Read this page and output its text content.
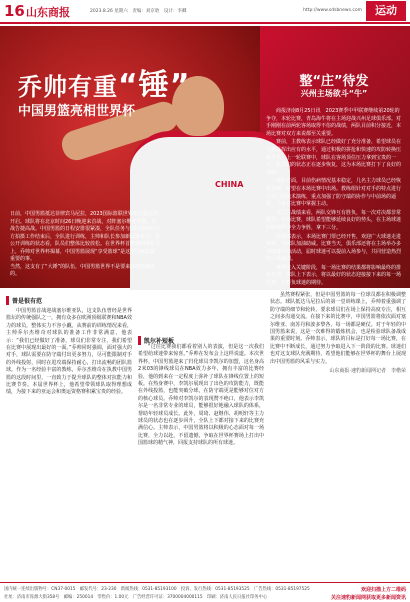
16 山东商报	2023.8.26 星期六　责编：刘京晗　设计：李卿	http://www.sdsbnews.com	运动
CHINA
乔帅有重“锤”
中国男篮亮相世界杯

日前，中国男篮抵达菲律宾马尼拉，2023国际篮联世界杯之旅正式开启。球队将在北京时间26日晚迎来首战，对阵塞尔维亚男篮，首战告捷高战。中国男篮的日程安排很紧凑，全队任务与国际篮联的官方拍摄工作结束后，全队进行训练，主帅和队长参加新闻发布会。从公开训练的状态看，队员们整体比较放松。在世界杯首场赛前发布会上，乔帅对世界杯揭幕，中国男篮展现“享受篮球”是这支国家队最重要的事。

当然，这支有了“大锤”的队伍，中国男篮世界不是要来菲律宾旅游的。

整“庄”待发
兴州主场欲斗“牛”

商报济南8月25日讯　2023赛季中甲联赛继续第20轮的争夺，本轮比赛，青岛海牛将在主场迎战兴州足球俱乐部。对手刚刚在前两轮客场取得不俗的战绩，两队目前积分接近，本场比赛对双方来说都至关重要。

赛前，主教练表示球队已经做好了充分准备，希望球员在主场发挥出应有的水平，通过积极的拼抢和快速的攻防转换压制对手。上一轮联赛中，球队在客场顶住压力拿到宝贵的一分，队员们的状态正在逐步恢复，这为本场比赛打下了良好的基础。

球队方面，目前伤病情况基本稳定，几名主力球员已经恢复合练，有望在本场比赛中出场。教练组针对对手的特点进行了专门的战术演练，重点加强了防守端的协作与中前场的逼抢，力求在比赛中掌握主动。

从过往战绩来看，两队交锋互有胜负，每一次对决都非常激烈。本场比赛，球队希望能够延续良好的势头，在主场球迷的助威声中全力争胜，拿下三分。

俱乐部表示，本场比赛门票已经开售，欢迎广大球迷走进球场，为球队加油助威。比赛当天，俱乐部还将在主场举办多项球迷互动活动，届时球迷可以提前入场参与，共同营造热烈的主场氛围。

赛季进入关键阶段，每一场比赛的结果都将影响最终的排名走势。球队上下表示，将以最好的状态迎接接下来的每一场比赛，不辜负球迷的期待。

曾是很有范

中国男篮首战迎战塞尔维亚队，这支队伍曾经是世界篮坛的传统强队之一，拥有众多在欧洲顶级联赛和NBA效力的球员，整体实力不容小觑。从赛前的训练情况来看，主帅乔尔杰维奇对球队的准备工作非常满意，他表示：“我们已经做好了准备，球员们非常专注，我们希望在比赛中展现出最好的一面。”乔帅同时强调，面对强大的对手，球队需要在防守端付出更多努力，尽可能限制对手的外线投射，同时在进攻端保持耐心，打出流畅的团队篮球。作为一名经验丰富的教练，乔尔杰维奇在执教中国男篮的这段时间里，一直致力于提升球队的整体对抗能力和比赛节奏。本届世界杯上，他希望带领球队取得理想成绩，为接下来的亚运会和奥运资格赛积累宝贵的经验。

凯尔补短板

“过往比赛我们都看着别人的表演，但是这一次我们希望给球迷带来惊喜。”乔帅在发布会上这样说道。本次世界杯，中国男篮迎来了归化球员李凯尔的加盟，这名身高2米03的锋线球员在NBA效力多年，拥有丰富的比赛经验，他的到来在一定程度上弥补了球队在锋线位置上的短板。在热身赛中，李凯尔展现出了出色的攻防能力，既能在外线投篮，也能突破分球，在防守端更是能够对位对方的核心球员。乔帅对李凯尔的表现赞不绝口，他表示李凯尔是一名非常专业的球员，能够很好地融入球队的体系，帮助年轻球员成长。此外，周琦、赵继伟、胡明轩等主力球员的状态也在逐步回升，全队上下都对接下来的比赛充满信心。主帅表示，中国男篮将以积极的心态面对每一场比赛，全力以赴，不留遗憾，争取在世界杯赛场上打出中国篮球的精气神，回报支持球队的所有球迷。

虽然赛程紧张，但是中国男篮的每一位球员都在积极调整状态。球队抵达马尼拉后的第一堂训练课上，乔帅着重强调了防守端的细节和轮转，要求球员们在场上保持高度专注，相互之间多沟通交流。在接下来的比赛中，中国男篮将依次面对塞尔维亚、南苏丹和波多黎各，每一场都是硬仗。对于年轻的中国男篮来说，这是一次难得的锻炼机会，也是检验球队备战成果的重要时刻。乔帅表示，球队的目标是打好每一场比赛，在比赛中不断成长，通过努力争取进入下一阶段的比赛。球迷们也对这支球队充满期待，希望他们能够在世界杯的舞台上展现出中国男篮的风采与实力。

山东商报·速豹新闻网记者　李楷荣

国内统一连续出版物号：CN37-0015　邮发代号：23-230　新闻热线：0531-85193100　投诉、发行热线：0531-85193525　广告热线：0531-85197525
社址：济南市泺源大街358号　邮编：250014　零售价：1.00元　广告经营许可证：3700004000115　印刷：济南人民日报社印务中心
欢迎扫描上方二维码
关注速豹新闻网获取更多新闻资讯
